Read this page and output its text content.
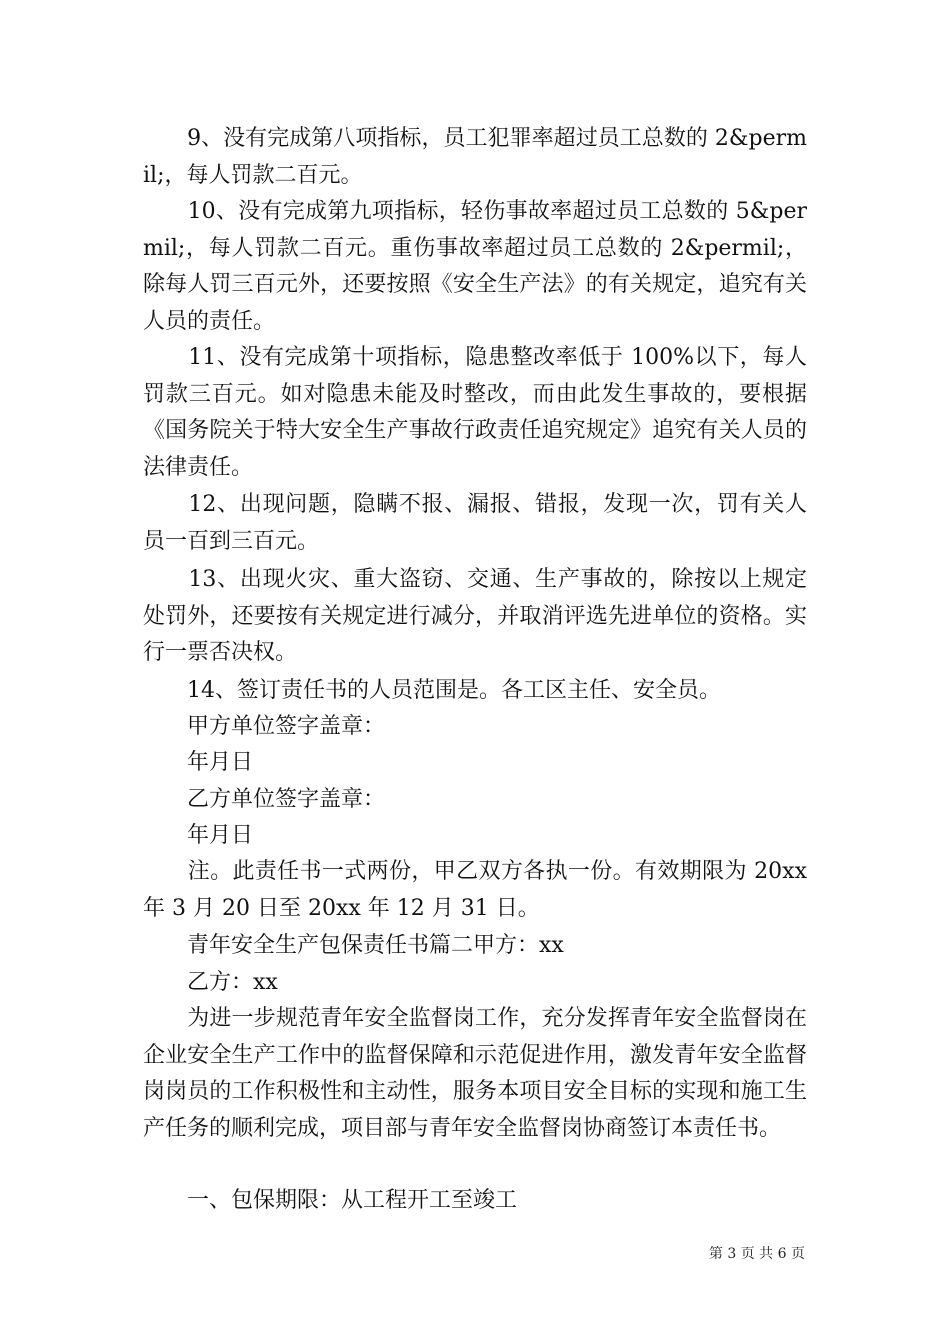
　　9、没有完成第八项指标，员工犯罪率超过员工总数的 2&permil;，每人罚款二百元。

　　10、没有完成第九项指标，轻伤事故率超过员工总数的 5&permil;，每人罚款二百元。重伤事故率超过员工总数的 2&permil;，除每人罚三百元外，还要按照《安全生产法》的有关规定，追究有关人员的责任。

　　11、没有完成第十项指标，隐患整改率低于 100%以下，每人罚款三百元。如对隐患未能及时整改，而由此发生事故的，要根据《国务院关于特大安全生产事故行政责任追究规定》追究有关人员的法律责任。

　　12、出现问题，隐瞒不报、漏报、错报，发现一次，罚有关人员一百到三百元。

　　13、出现火灾、重大盗窃、交通、生产事故的，除按以上规定处罚外，还要按有关规定进行减分，并取消评选先进单位的资格。实行一票否决权。

　　14、签订责任书的人员范围是。各工区主任、安全员。

　　甲方单位签字盖章：

　　年月日

　　乙方单位签字盖章：

　　年月日

　　注。此责任书一式两份，甲乙双方各执一份。有效期限为 20xx 年 3 月 20 日至 20xx 年 12 月 31 日。

　　青年安全生产包保责任书篇二甲方：xx

　　乙方：xx

　　为进一步规范青年安全监督岗工作，充分发挥青年安全监督岗在企业安全生产工作中的监督保障和示范促进作用，激发青年安全监督岗岗员的工作积极性和主动性，服务本项目安全目标的实现和施工生产任务的顺利完成，项目部与青年安全监督岗协商签订本责任书。

　　一、包保期限：从工程开工至竣工

第 3 页 共 6 页
